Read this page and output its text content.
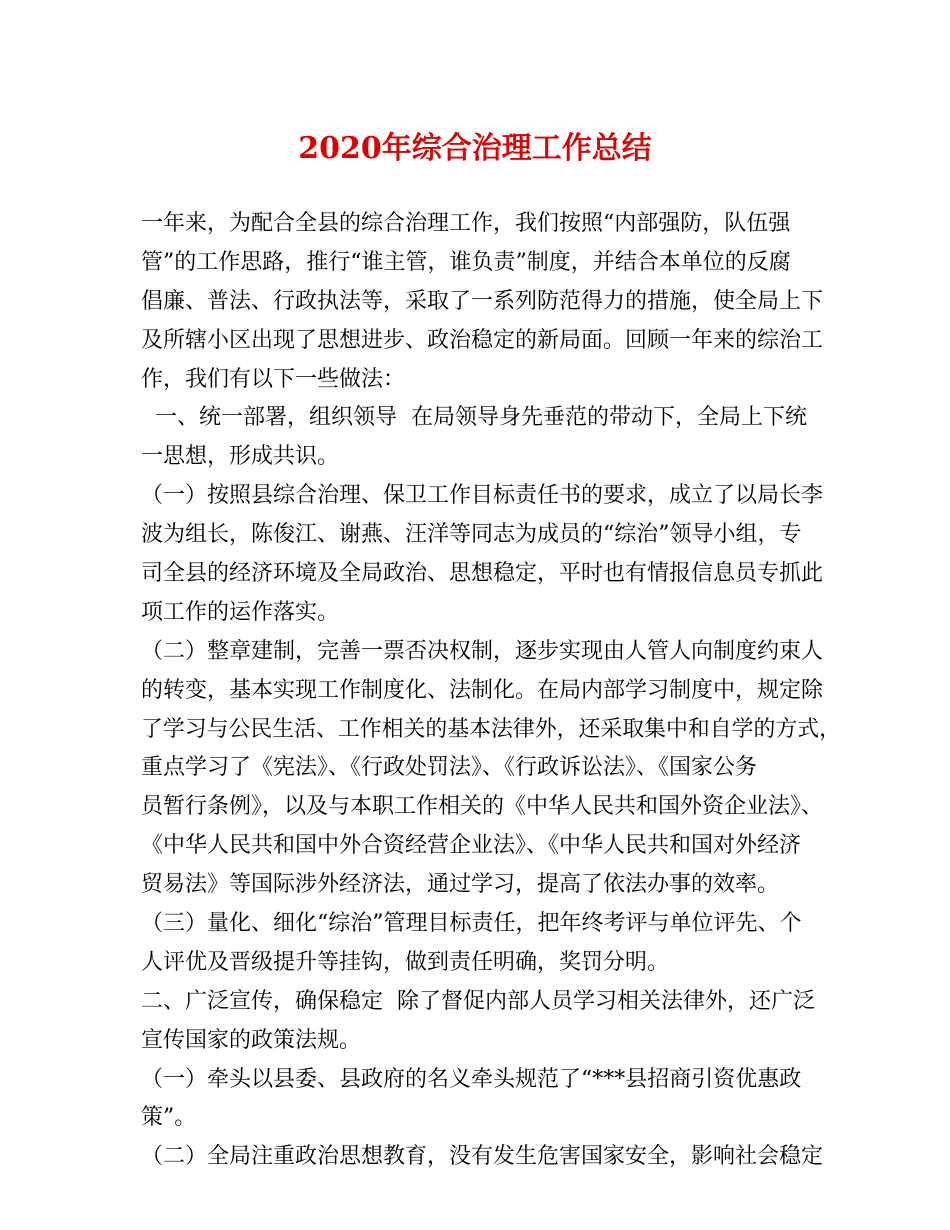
2020年综合治理工作总结
一年来，为配合全县的综合治理工作，我们按照“内部强防，队伍强
管”的工作思路，推行“谁主管，谁负责”制度，并结合本单位的反腐
倡廉、普法、行政执法等，采取了一系列防范得力的措施，使全局上下
及所辖小区出现了思想进步、政治稳定的新局面。回顾一年来的综治工
作，我们有以下一些做法：
一、统一部署，组织领导  在局领导身先垂范的带动下，全局上下统
一思想，形成共识。
（一）按照县综合治理、保卫工作目标责任书的要求，成立了以局长李
波为组长，陈俊江、谢燕、汪洋等同志为成员的“综治”领导小组，专
司全县的经济环境及全局政治、思想稳定，平时也有情报信息员专抓此
项工作的运作落实。
（二）整章建制，完善一票否决权制，逐步实现由人管人向制度约束人
的转变，基本实现工作制度化、法制化。在局内部学习制度中，规定除
了学习与公民生活、工作相关的基本法律外，还采取集中和自学的方式，
重点学习了《宪法》、《行政处罚法》、《行政诉讼法》、《国家公务
员暂行条例》，以及与本职工作相关的《中华人民共和国外资企业法》、
《中华人民共和国中外合资经营企业法》、《中华人民共和国对外经济
贸易法》等国际涉外经济法，通过学习，提高了依法办事的效率。
（三）量化、细化“综治”管理目标责任，把年终考评与单位评先、个
人评优及晋级提升等挂钩，做到责任明确，奖罚分明。
二、广泛宣传，确保稳定  除了督促内部人员学习相关法律外，还广泛
宣传国家的政策法规。
（一）牵头以县委、县政府的名义牵头规范了“***县招商引资优惠政
策”。
（二）全局注重政治思想教育，没有发生危害国家安全，影响社会稳定
